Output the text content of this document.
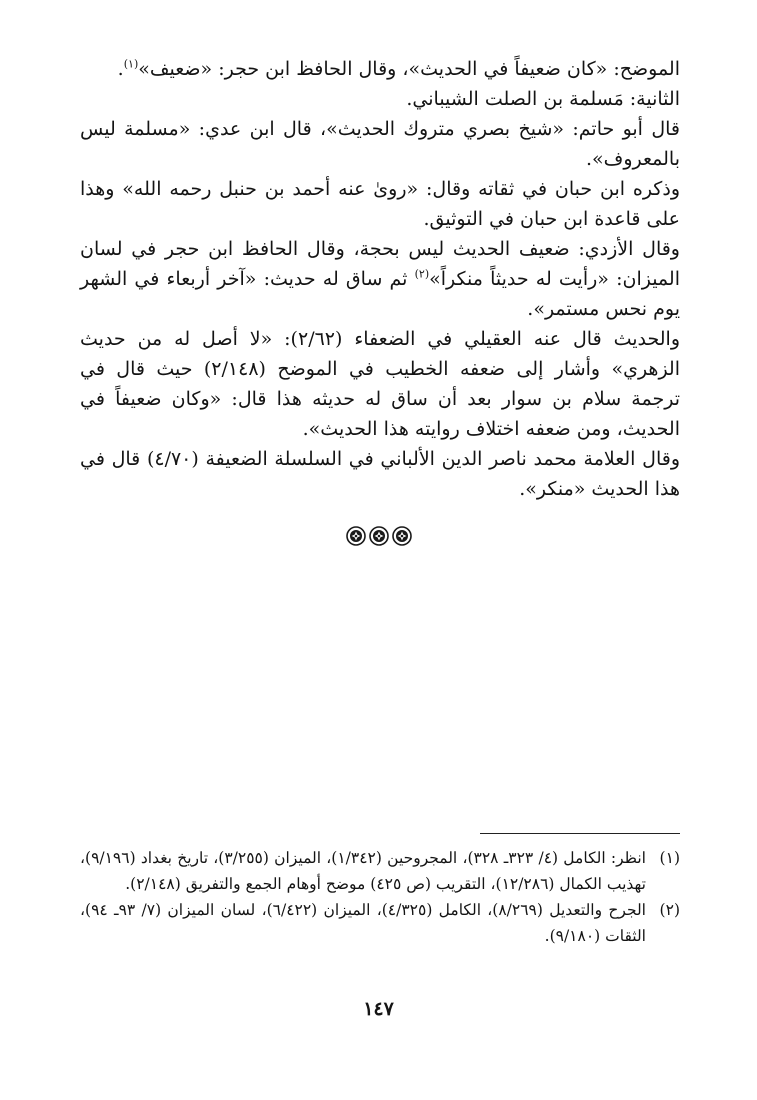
الموضح: «كان ضعيفاً في الحديث»، وقال الحافظ ابن حجر: «ضعيف»$^{(١)}$.

الثانية: مَسلمة بن الصلت الشيباني.

قال أبو حاتم: «شيخ بصري متروك الحديث»، قال ابن عدي: «مسلمة ليس بالمعروف».

وذكره ابن حبان في ثقاته وقال: «روىٰ عنه أحمد بن حنبل رحمه الله» وهذا على قاعدة ابن حبان في التوثيق.

وقال الأزدي: ضعيف الحديث ليس بحجة، وقال الحافظ ابن حجر في لسان الميزان: «رأيت له حديثاً منكراً»$^{(٢)}$ ثم ساق له حديث: «آخر أربعاء في الشهر يوم نحس مستمر».

والحديث قال عنه العقيلي في الضعفاء (٢/٦٢): «لا أصل له من حديث الزهري» وأشار إلى ضعفه الخطيب في الموضح (٢/١٤٨) حيث قال في ترجمة سلام بن سوار بعد أن ساق له حديثه هذا قال: «وكان ضعيفاً في الحديث، ومن ضعفه اختلاف روايته هذا الحديث».

وقال العلامة محمد ناصر الدين الألباني في السلسلة الضعيفة (٤/٧٠) قال في هذا الحديث «منكر».

(١)
انظر: الكامل (٤/ ٣٢٣ـ ٣٢٨)، المجروحين (١/٣٤٢)، الميزان (٣/٢٥٥)، تاريخ بغداد (٩/١٩٦)، تهذيب الكمال (١٢/٢٨٦)، التقريب (ص ٤٢٥) موضح أوهام الجمع والتفريق (٢/١٤٨).
(٢)
الجرح والتعديل (٨/٢٦٩)، الكامل (٤/٣٢٥)، الميزان (٦/٤٢٢)، لسان الميزان (٧/ ٩٣ـ ٩٤)، الثقات (٩/١٨٠).
١٤٧
